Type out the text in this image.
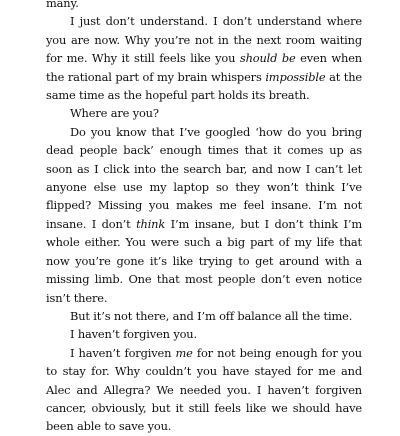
many.

I just don’t understand. I don’t understand where you are now. Why you’re not in the next room waiting for me. Why it still feels like you should be even when the rational part of my brain whispers impossible at the same time as the hopeful part holds its breath.

Where are you?

Do you know that I’ve googled ‘how do you bring dead people back’ enough times that it comes up as soon as I click into the search bar, and now I can’t let anyone else use my laptop so they won’t think I’ve flipped? Missing you makes me feel insane. I’m not insane. I don’t think I’m insane, but I don’t think I’m whole either. You were such a big part of my life that now you’re gone it’s like trying to get around with a missing limb. One that most people don’t even notice isn’t there.

But it’s not there, and I’m off balance all the time.

I haven’t forgiven you.

I haven’t forgiven me for not being enough for you to stay for. Why couldn’t you have stayed for me and Alec and Allegra? We needed you. I haven’t forgiven cancer, obviously, but it still feels like we should have been able to save you.
